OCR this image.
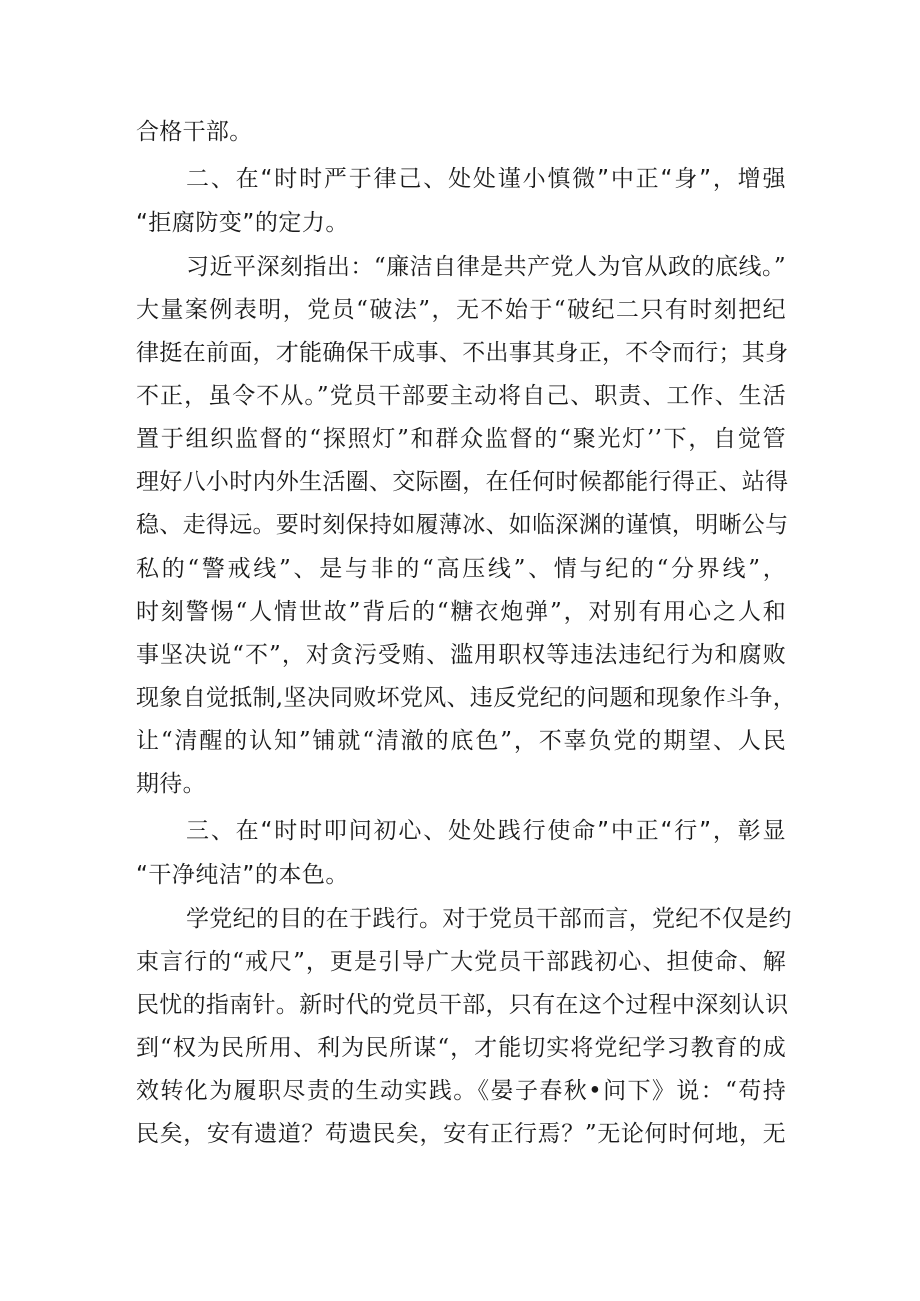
合格干部。
二、在“时时严于律己、处处谨小慎微”中正“身”，增强
“拒腐防变”的定力。
习近平深刻指出：“廉洁自律是共产党人为官从政的底线。”
大量案例表明，党员“破法”，无不始于“破纪二只有时刻把纪
律挺在前面，才能确保干成事、不出事其身正，不令而行；其身
不正，虽令不从。”党员干部要主动将自己、职责、工作、生活
置于组织监督的“探照灯”和群众监督的“聚光灯’’下，自觉管
理好八小时内外生活圈、交际圈，在任何时候都能行得正、站得
稳、走得远。要时刻保持如履薄冰、如临深渊的谨慎，明晰公与
私的“警戒线”、是与非的“高压线”、情与纪的“分界线”，
时刻警惕“人情世故”背后的“糖衣炮弹”，对别有用心之人和
事坚决说“不”，对贪污受贿、滥用职权等违法违纪行为和腐败
现象自觉抵制,坚决同败坏党风、违反党纪的问题和现象作斗争，
让“清醒的认知”铺就“清澈的底色”，不辜负党的期望、人民
期待。
三、在“时时叩问初心、处处践行使命”中正“行”，彰显
“干净纯洁”的本色。
学党纪的目的在于践行。对于党员干部而言，党纪不仅是约
束言行的“戒尺”，更是引导广大党员干部践初心、担使命、解
民忧的指南针。新时代的党员干部，只有在这个过程中深刻认识
到“权为民所用、利为民所谋“，才能切实将党纪学习教育的成
效转化为履职尽责的生动实践。《晏子春秋•问下》说：“苟持
民矣，安有遗道？苟遗民矣，安有正行焉？”无论何时何地，无
